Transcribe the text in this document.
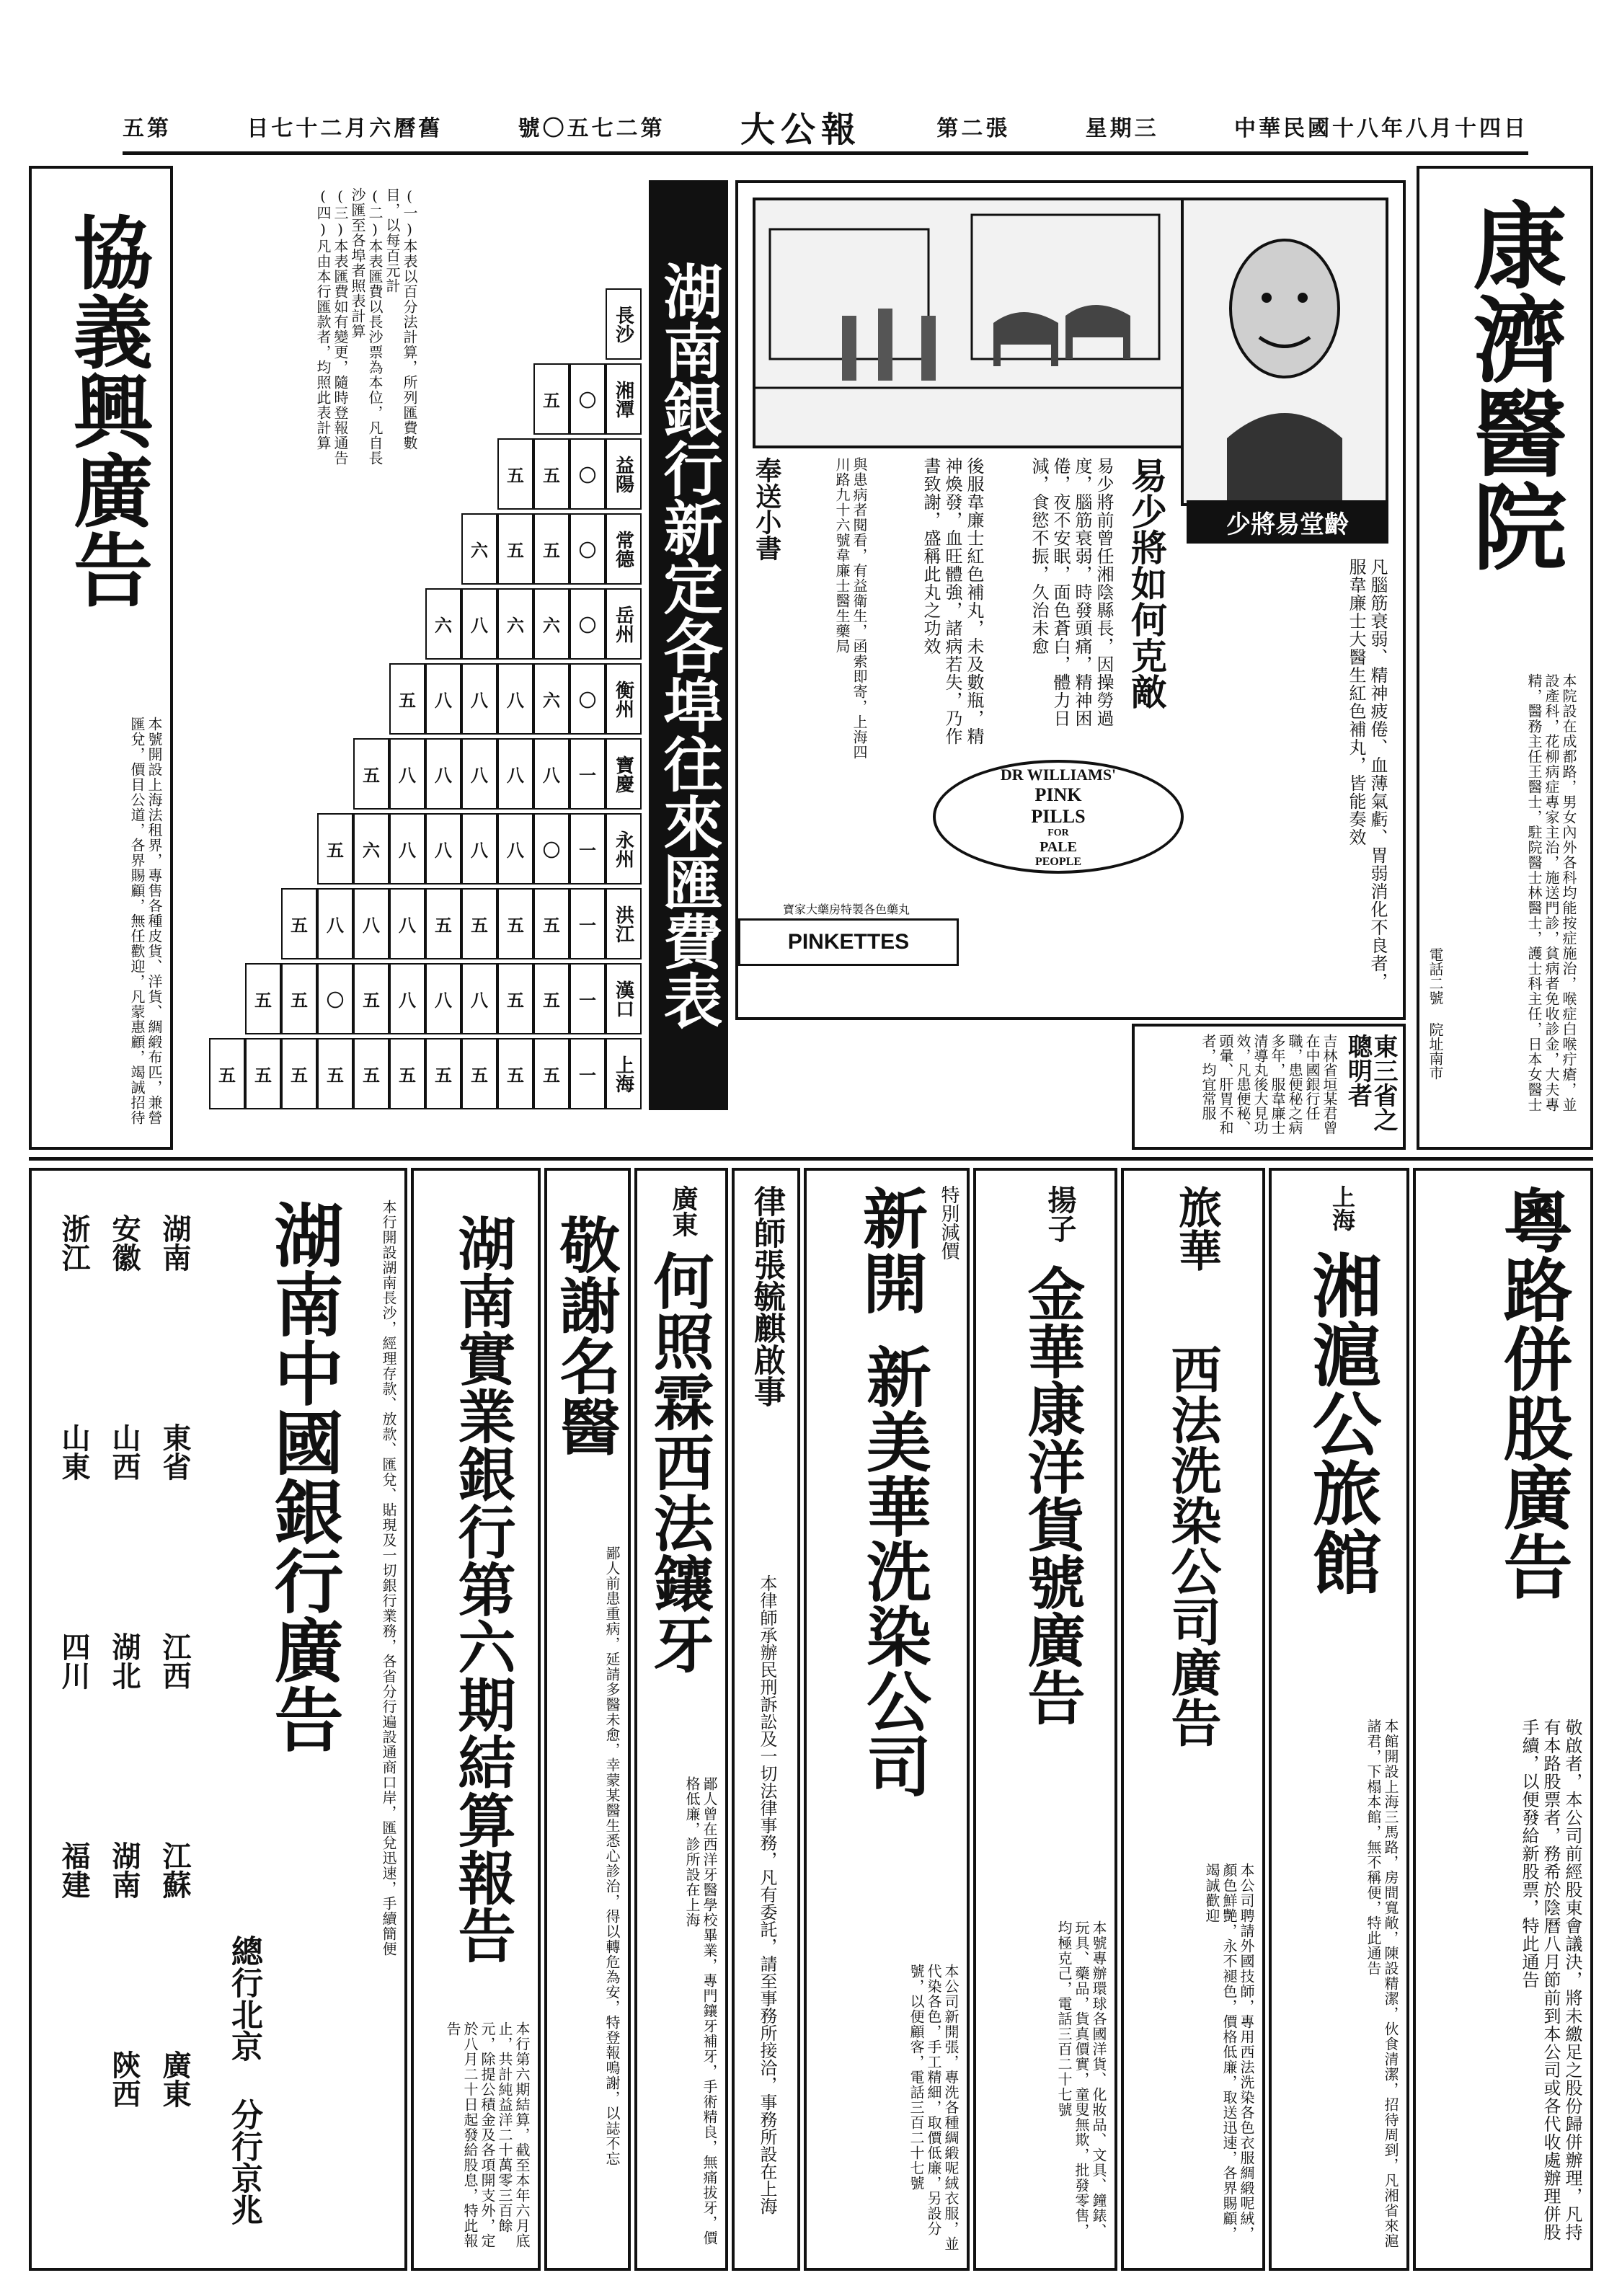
中華民國十八年八月十四日
星期三
第二張
大公報
號〇五七二第
日七十二月六曆舊
五第
康濟醫院
本院設在成都路，男女內外各科均能按症施治，喉症白喉疔瘡，並設產科，花柳病症專家主治，施送門診，貧病者免收診金，大夫專精，醫務主任王醫士，駐院醫士林醫士，護士科主任，日本女醫士
電話二號 院址南市
少將易堂齡
易少將如何克敵
易少將前曾任湘陰縣長，因操勞過度，腦筋衰弱，時發頭痛，精神困倦，夜不安眠，面色蒼白，體力日減，食慾不振，久治未愈
後服韋廉士紅色補丸，未及數瓶，精神煥發，血旺體強，諸病若失，乃作書致謝，盛稱此丸之功效
凡腦筋衰弱、精神疲倦、血薄氣虧、胃弱消化不良者，服韋廉士大醫生紅色補丸，皆能奏效
奉送小書	與患病者閱看，有益衛生，函索即寄，上海四川路九十六號韋廉士醫生藥局
DR WILLIAMS'
PINK
PILLS
FOR
PALE
PEOPLE
PINKETTES
寶家大藥房特製各色藥丸
東三省之聰明者
吉林省垣某君曾在中國銀行任職，患便秘之病多年，服韋廉士清導丸後大見功效，凡患便秘、頭暈、肝胃不和者，均宜常服
湖南銀行新定各埠往來匯費表
長沙
湘潭
〇
五
益陽
〇
五
五
常德
〇
五
五
六
岳州
〇
六
六
八
六
衡州
〇
六
八
八
八
五
寶慶
一
八
八
八
八
八
五
永州
一
〇
八
八
八
八
六
五
洪江
一
五
五
五
五
八
八
八
五
漢口
一
五
五
八
八
八
五
〇
五
五
上海
一
五
五
五
五
五
五
五
五
五
五
(一)本表以百分法計算，所列匯費數目，以每百元計
(二)本表匯費以長沙票為本位，凡自長沙匯至各埠者照表計算
(三)本表匯費如有變更，隨時登報通告
(四)凡由本行匯款者，均照此表計算
協義興廣告
本號開設上海法租界，專售各種皮貨、洋貨、綢緞布匹，兼營匯兌，價目公道，各界賜顧，無任歡迎，凡蒙惠顧，竭誠招待
粵路併股廣告
敬啟者，本公司前經股東會議決，將未繳足之股份歸併辦理，凡持有本路股票者，務希於陰曆八月節前到本公司或各代收處辦理併股手續，以便發給新股票，特此通告
上海
湘滬公旅館
本館開設上海三馬路，房間寬敞，陳設精潔，伙食清潔，招待周到，凡湘省來滬諸君，下榻本館，無不稱便，特此通告
旅華
西法洗染公司廣告
本公司聘請外國技師，專用西法洗染各色衣服綢緞呢絨，顏色鮮艷，永不褪色，價格低廉，取送迅速，各界賜顧，竭誠歡迎
揚子
金華康洋貨號廣告
本號專辦環球各國洋貨、化妝品、文具、鐘錶、玩具、藥品，貨真價實，童叟無欺，批發零售，均極克己，電話三百二十七號
新開 特別減價
新美華洗染公司
本公司新開張，專洗各種綢緞呢絨衣服，並代染各色，手工精細，取價低廉，另設分號，以便顧客，電話三百二十七號
律師張毓麒啟事
本律師承辦民刑訴訟及一切法律事務，凡有委託，請至事務所接洽，事務所設在上海
廣東
何照霖西法鑲牙
鄙人曾在西洋牙醫學校畢業，專門鑲牙補牙，手術精良，無痛拔牙，價格低廉，診所設在上海
敬謝名醫
鄙人前患重病，延請多醫未愈，幸蒙某醫生悉心診治，得以轉危為安，特登報鳴謝，以誌不忘
湖南實業銀行第六期結算報告
本行第六期結算，截至本年六月底止，共計純益洋二十萬零三百餘元，除提公積金及各項開支外，定於八月二十日起發給股息，特此報告
湖南中國銀行廣告	本行開設湖南長沙，經理存款、放款、匯兌、貼現及一切銀行業務，各省分行遍設通商口岸，匯兌迅速，手續簡便
總行北京 分行京兆
湖南
安徽
浙江
東省
山西
山東
江西
湖北
四川
江蘇
湖南
福建
廣東
陝西
